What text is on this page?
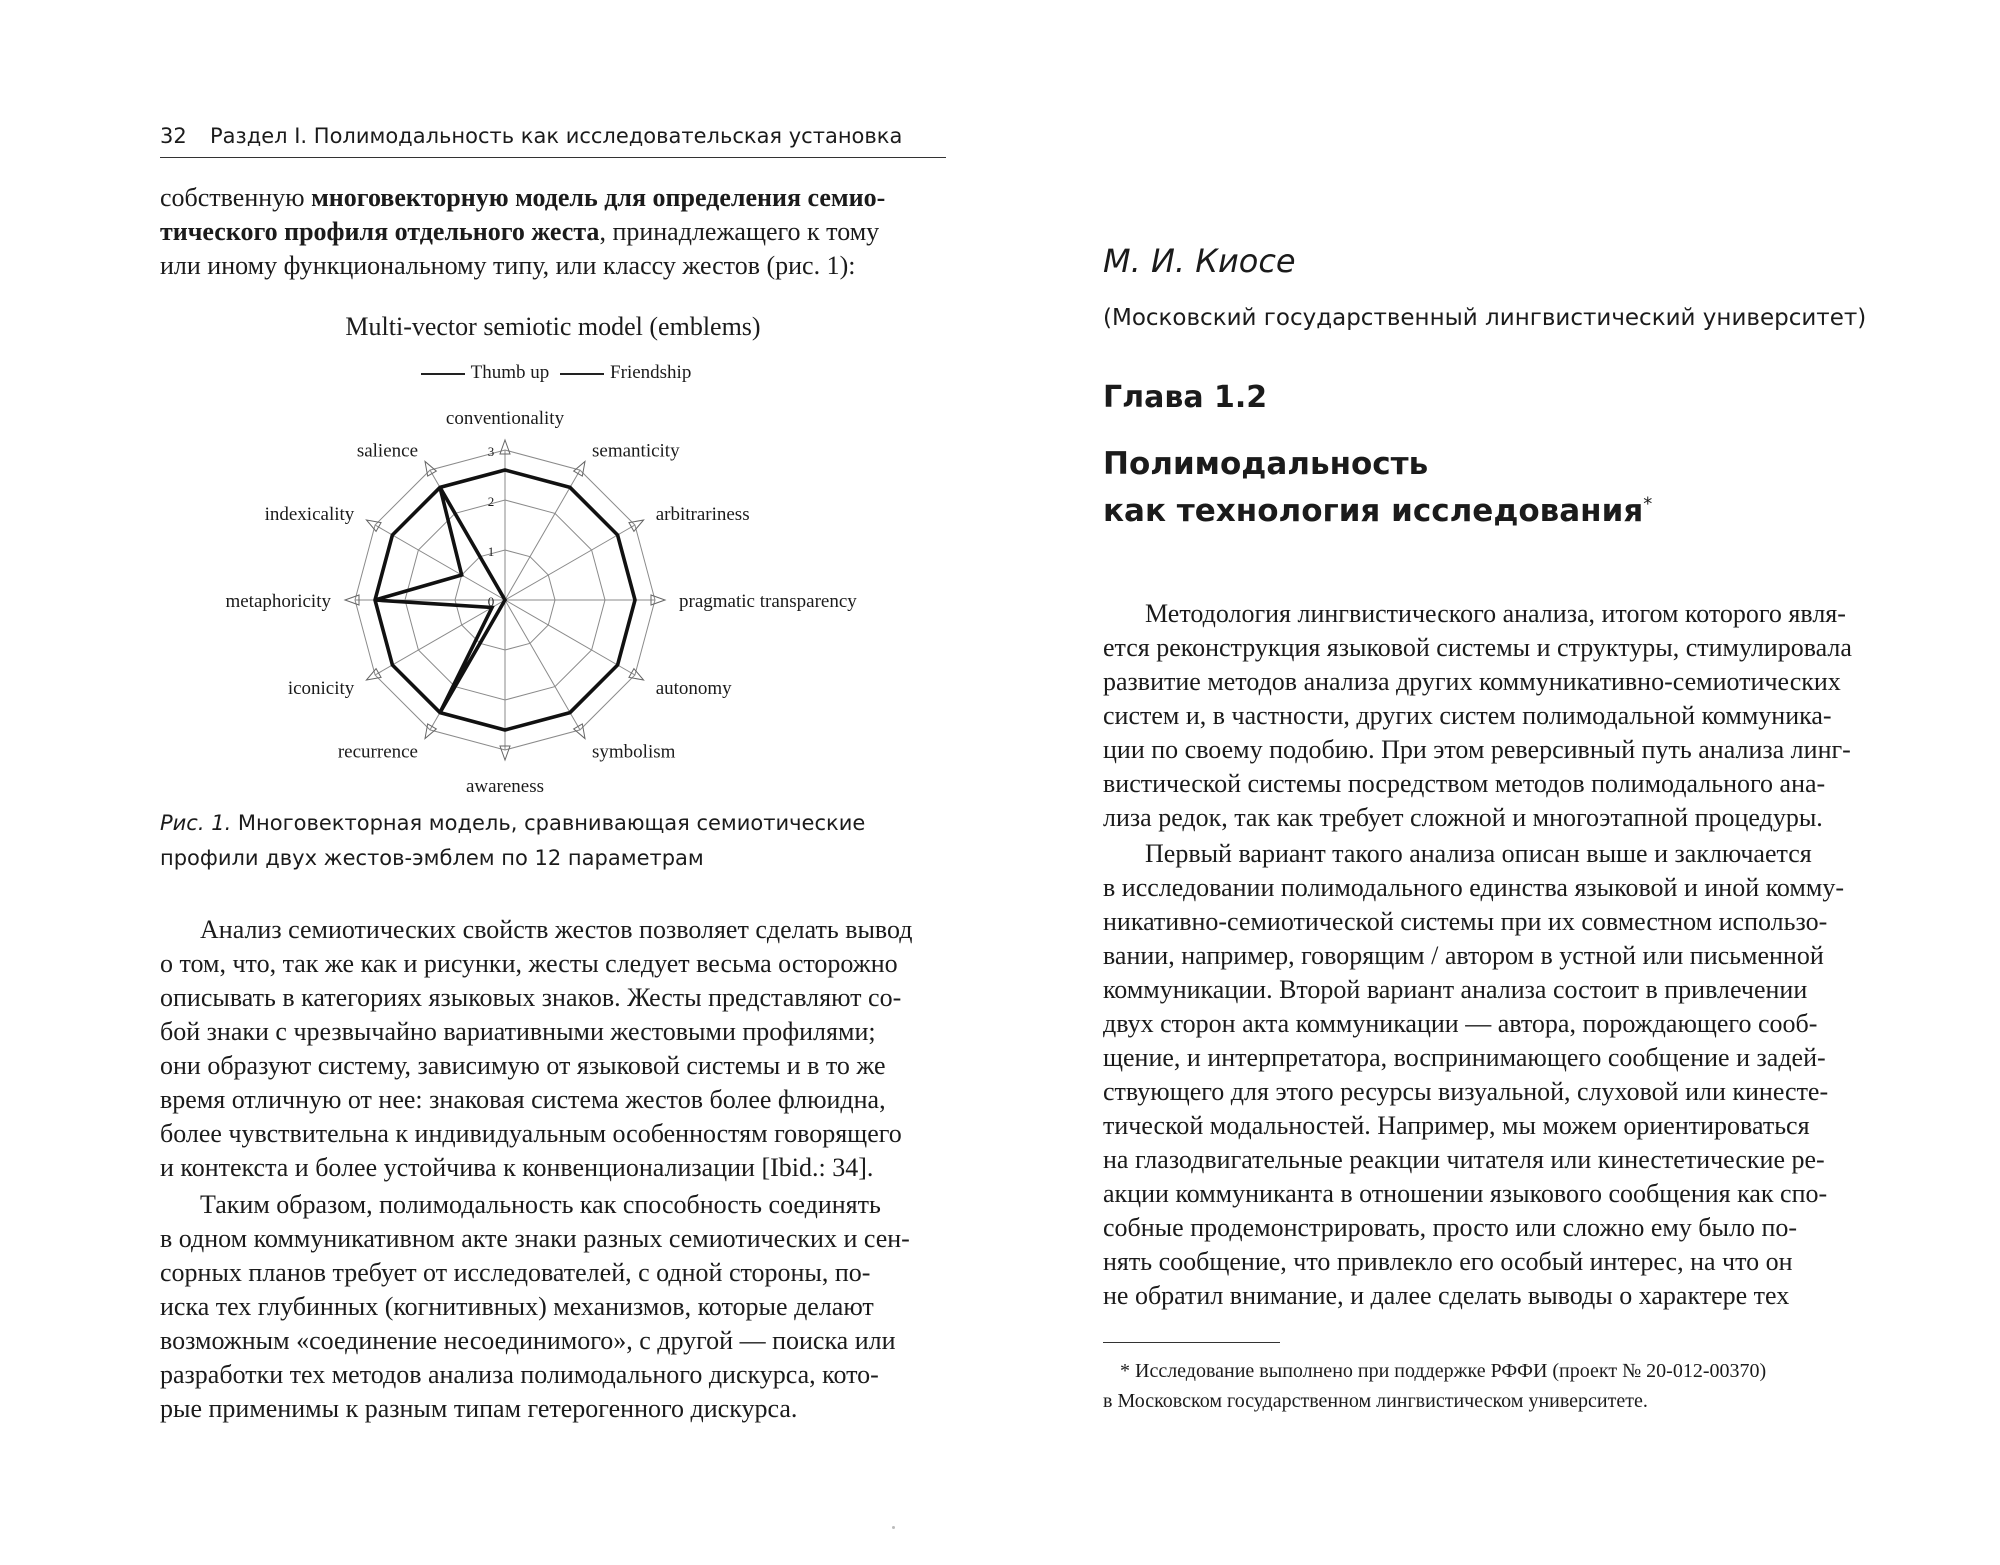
32 Раздел I. Полимодальность как исследовательская установка

собственную многовекторную модель для определения семио-

тического профиля отдельного жеста, принадлежащего к тому

или иному функциональному типу, или классу жестов (рис. 1):

Multi-vector semiotic model (emblems)
Thumb up	Friendship
0
1
2
3
conventionality
semanticity
arbitrariness
pragmatic transparency
autonomy
symbolism
awareness
recurrence
iconicity
metaphoricity
indexicality
salience
Рис. 1. Многовекторная модель, сравнивающая семиотические
профили двух жестов-эмблем по 12 параметрам

Анализ семиотических свойств жестов позволяет сделать вывод

о том, что, так же как и рисунки, жесты следует весьма осторожно

описывать в категориях языковых знаков. Жесты представляют со-

бой знаки с чрезвычайно вариативными жестовыми профилями;

они образуют систему, зависимую от языковой системы и в то же

время отличную от нее: знаковая система жестов более флюидна,

более чувствительна к индивидуальным особенностям говорящего

и контекста и более устойчива к конвенционализации [Ibid.: 34].

Таким образом, полимодальность как способность соединять

в одном коммуникативном акте знаки разных семиотических и сен-

сорных планов требует от исследователей, с одной стороны, по-

иска тех глубинных (когнитивных) механизмов, которые делают

возможным «соединение несоединимого», с другой — поиска или

разработки тех методов анализа полимодального дискурса, кото-

рые применимы к разным типам гетерогенного дискурса.

М. И. Киосе
(Московский государственный лингвистический университет)
Глава 1.2
Полимодальность
как технология исследования*

Методология лингвистического анализа, итогом которого явля-

ется реконструкция языковой системы и структуры, стимулировала

развитие методов анализа других коммуникативно-семиотических

систем и, в частности, других систем полимодальной коммуника-

ции по своему подобию. При этом реверсивный путь анализа линг-

вистической системы посредством методов полимодального ана-

лиза редок, так как требует сложной и многоэтапной процедуры.

Первый вариант такого анализа описан выше и заключается

в исследовании полимодального единства языковой и иной комму-

никативно-семиотической системы при их совместном использо-

вании, например, говорящим / автором в устной или письменной

коммуникации. Второй вариант анализа состоит в привлечении

двух сторон акта коммуникации — автора, порождающего сооб-

щение, и интерпретатора, воспринимающего сообщение и задей-

ствующего для этого ресурсы визуальной, слуховой или кинесте-

тической модальностей. Например, мы можем ориентироваться

на глазодвигательные реакции читателя или кинестетические ре-

акции коммуниканта в отношении языкового сообщения как спо-

собные продемонстрировать, просто или сложно ему было по-

нять сообщение, что привлекло его особый интерес, на что он

не обратил внимание, и далее сделать выводы о характере тех

* Исследование выполнено при поддержке РФФИ (проект № 20-012-00370)

в Московском государственном лингвистическом университете.
